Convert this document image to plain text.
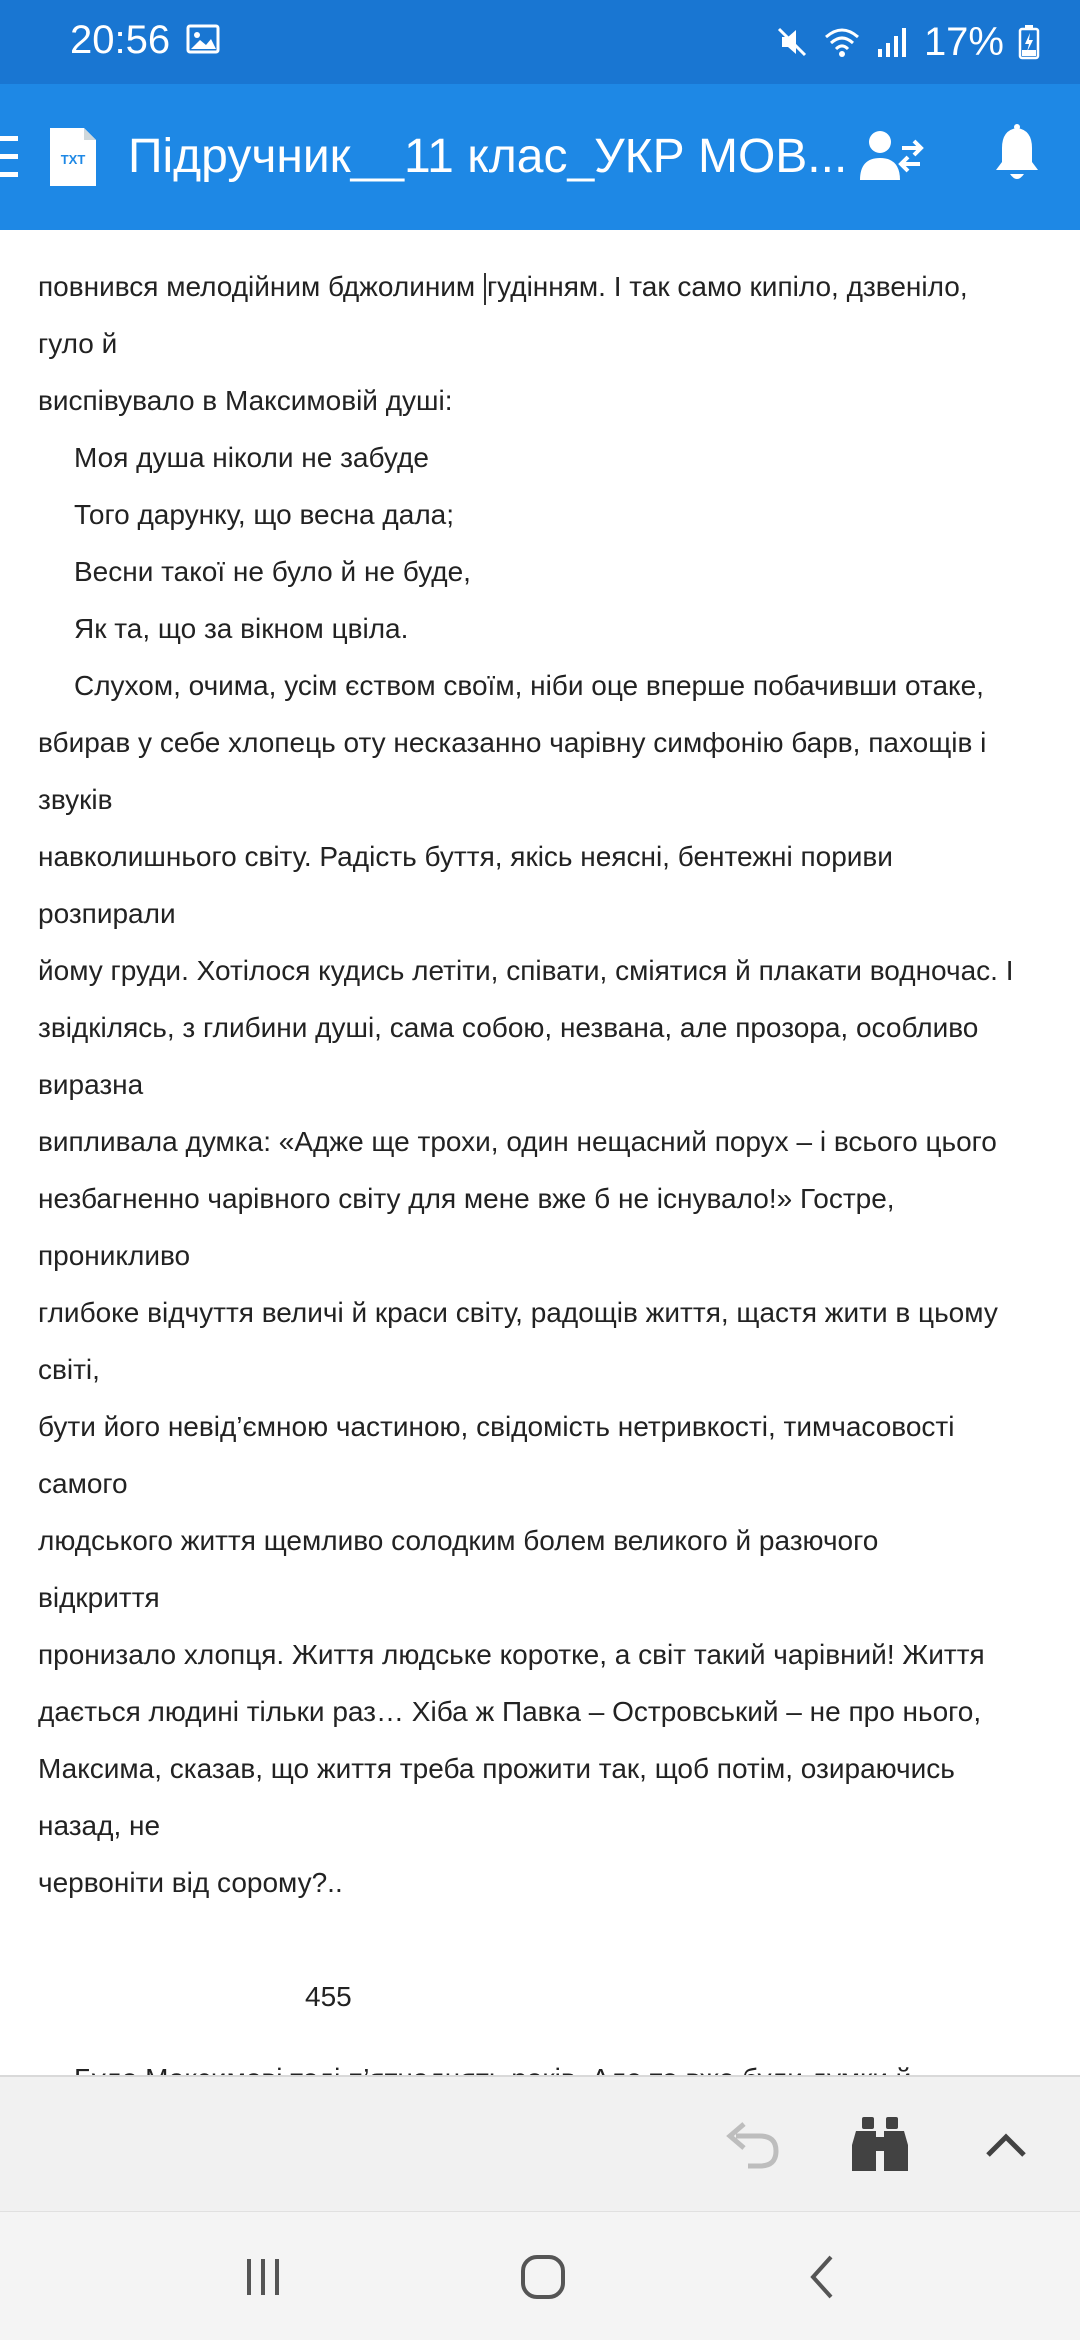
20:56	17%
TXT Підручник__11 клас_УКР МОВ...
повнився мелодійним бджолиним гудінням. І так само кипіло, дзвеніло,
гуло й
виспівувало в Максимовій душі:
Моя душа ніколи не забуде
Того дарунку, що весна дала;
Весни такої не було й не буде,
Як та, що за вікном цвіла.
Слухом, очима, усім єством своїм, ніби оце вперше побачивши отаке,
вбирав у себе хлопець оту несказанно чарівну симфонію барв, пахощів і
звуків
навколишнього світу. Радість буття, якісь неясні, бентежні пориви
розпирали
йому груди. Хотілося кудись летіти, співати, сміятися й плакати водночас. І
звідкілясь, з глибини душі, сама собою, незвана, але прозора, особливо
виразна
випливала думка: «Адже ще трохи, один нещасний порух – і всього цього
незбагненно чарівного світу для мене вже б не існувало!» Гостре,
проникливо
глибоке відчуття величі й краси світу, радощів життя, щастя жити в цьому
світі,
бути його невід’ємною частиною, свідомість нетривкості, тимчасовості
самого
людського життя щемливо солодким болем великого й разючого
відкриття
пронизало хлопця. Життя людське коротке, а світ такий чарівний! Життя
дається людині тільки раз… Хіба ж Павка – Островський – не про нього,
Максима, сказав, що життя треба прожити так, щоб потім, озираючись
назад, не
червоніти від сорому?..
455
